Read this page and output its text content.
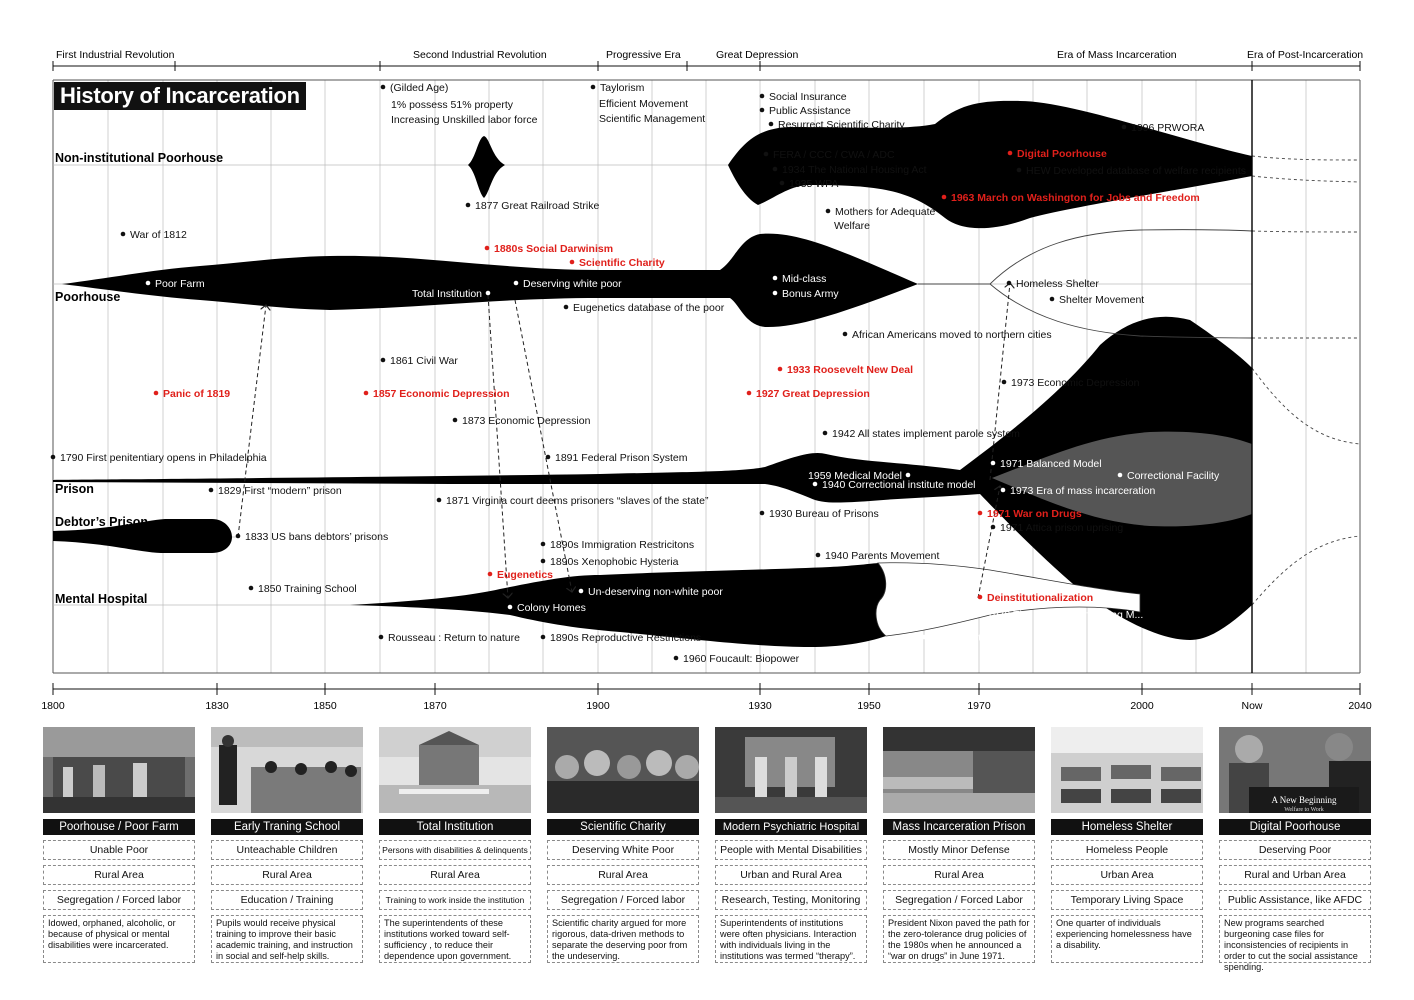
First Industrial Revolution	Second Industrial Revolution	Progressive Era	Great Depression	Era of Mass Incarceration	Era of Post-Incarceration
Non-institutional Poorhouse
Poorhouse
Prison
Debtor’s Prison
Mental Hospital
(Gilded Age)
1% possess 51% property
Increasing Unskilled labor force
Taylorism
Efficient Movement
Scientific Management
Social Insurance
Public Assistance
Resurrect Scientific Charity
FERA / CCC / CWA / ADC
1934 The National Housing Act
1935 WPA
1996 PRWORA
Digital Poorhouse
HEW Developed database of welfare recipients
1963 March on Washington for Jobs and Freedom
1877 Great Railroad Strike	Mothers for Adequate
Welfare
War of 1812
1880s Social Darwinism
Scientific Charity
Poor Farm
Total Institution
Deserving white poor
Eugenetics database of the poor
Mid-class
Bonus Army
Homeless Shelter
Shelter Movement
African Americans moved to northern cities
1861 Civil War
1933 Roosevelt New Deal
Panic of 1819	1857 Economic Depression	1927 Great Depression
1973 Economic Depression
1873 Economic Depression
1942 All states implement parole system
1790 First penitentiary opens in Philadelphia	1891 Federal Prison System
1959 Medical Model
1971 Balanced Model
Correctional Facility
1829 First “modern” prison	1940 Correctional institute model	1973 Era of mass incarceration
1871 Virginia court deems prisoners “slaves of the state”
1930 Bureau of Prisons	1971 War on Drugs
1971 Attica prison uprising
1833 US bans debtors’ prisons
1890s Immigration Restricitons
1890s Xenophobic Hysteria	1940 Parents Movement
Eugenetics
Modern Psychiary
1850 Training School	Un-deserving non-white poor	Deinstitutionalization
Colony Homes
1970 The Independent Living M...
Rousseau : Return to nature	1890s Reproductive Restrictions	Normalization
1960 Foucault: Biopower
1800	1830	1850	1870	1900	1930	1950	1970	2000	Now	2040
History of Incarceration
Poorhouse / Poor Farm
Unable Poor
Rural Area
Segregation / Forced labor
Idowed, orphaned, alcoholic, or because of physical or mental disabilities were incarcerated.
Early Traning School
Unteachable Children
Rural Area
Education / Training
Pupils would receive physical training to improve their basic academic training, and instruction in social and self-help skills.
Total Institution
Persons with disabilities & delinquents
Rural Area
Training to work inside the institution
The superintendents of these institutions worked toward self-sufficiency , to reduce their dependence upon government.
Scientific Charity
Deserving White Poor
Rural Area
Segregation / Forced labor
Scientific charity argued for more rigorous, data-driven methods to separate the deserving poor from the undeserving.
Modern Psychiatric Hospital
People with Mental Disabilities
Urban and Rural Area
Research, Testing, Monitoring
Superintendents of institutions were often physicians. Interaction with individuals living in the institutions was termed “therapy”.
Mass Incarceration Prison
Mostly Minor Defense
Rural Area
Segregation / Forced Labor
President Nixon paved the path for the zero-tolerance drug policies of the 1980s when he announced a “war on drugs” in June 1971.
Homeless Shelter
Homeless People
Urban Area
Temporary Living Space
One quarter of individuals experiencing homelessness have a disability.
A New Beginning
Welfare to Work
Digital Poorhouse
Deserving Poor
Rural and Urban Area
Public Assistance, like AFDC
New programs searched burgeoning case files for inconsistencies of recipients in order to cut the social assistance spending.
